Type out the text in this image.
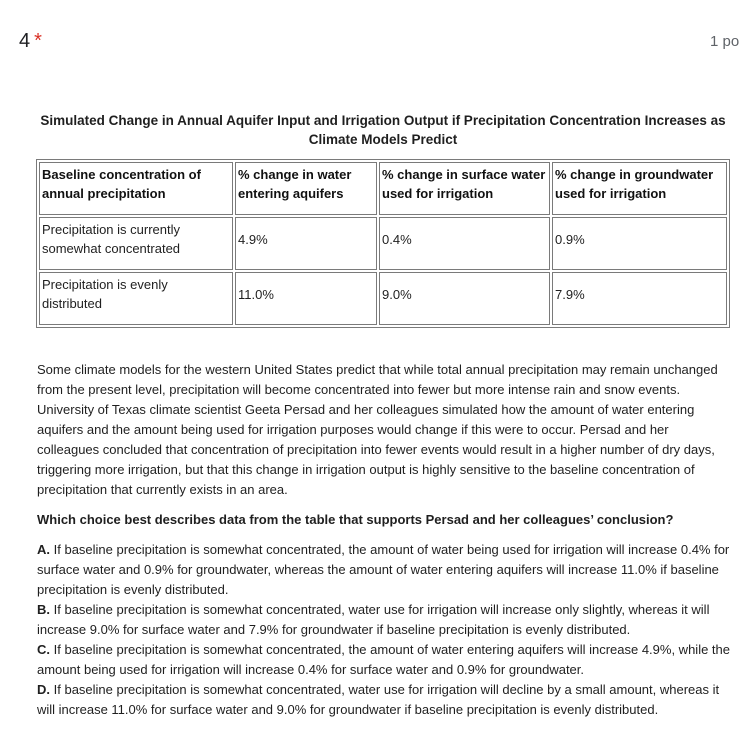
4 *	1 po
Simulated Change in Annual Aquifer Input and Irrigation Output if Precipitation Concentration Increases as Climate Models Predict
Baseline concentration of annual precipitation	% change in water entering aquifers	% change in surface water used for irrigation	% change in groundwater used for irrigation
Precipitation is currently somewhat concentrated	4.9%	0.4%	0.9%
Precipitation is evenly distributed	11.0%	9.0%	7.9%

Some climate models for the western United States predict that while total annual precipitation may remain unchanged from the present level, precipitation will become concentrated into fewer but more intense rain and snow events. University of Texas climate scientist Geeta Persad and her colleagues simulated how the amount of water entering aquifers and the amount being used for irrigation purposes would change if this were to occur. Persad and her colleagues concluded that concentration of precipitation into fewer events would result in a higher number of dry days, triggering more irrigation, but that this change in irrigation output is highly sensitive to the baseline concentration of precipitation that currently exists in an area.

Which choice best describes data from the table that supports Persad and her colleagues’ conclusion?

A. If baseline precipitation is somewhat concentrated, the amount of water being used for irrigation will increase 0.4% for surface water and 0.9% for groundwater, whereas the amount of water entering aquifers will increase 11.0% if baseline precipitation is evenly distributed.

B. If baseline precipitation is somewhat concentrated, water use for irrigation will increase only slightly, whereas it will increase 9.0% for surface water and 7.9% for groundwater if baseline precipitation is evenly distributed.

C. If baseline precipitation is somewhat concentrated, the amount of water entering aquifers will increase 4.9%, while the amount being used for irrigation will increase 0.4% for surface water and 0.9% for groundwater.

D. If baseline precipitation is somewhat concentrated, water use for irrigation will decline by a small amount, whereas it will increase 11.0% for surface water and 9.0% for groundwater if baseline precipitation is evenly distributed.
